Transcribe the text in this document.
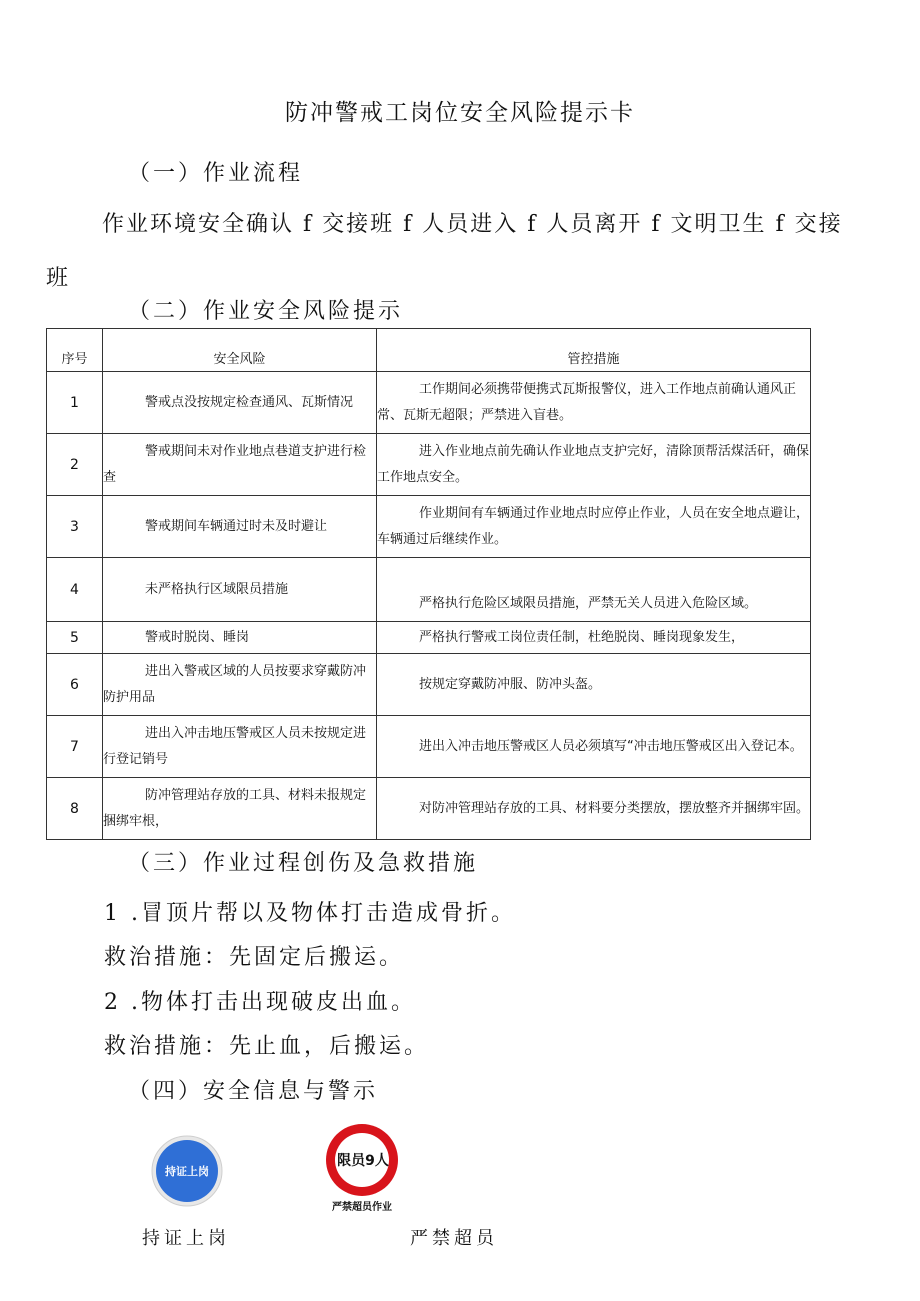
防冲警戒工岗位安全风险提示卡
（一）作业流程
作业环境安全确认 f 交接班 f 人员进入 f 人员离开 f 文明卫生 f 交接班
（二）作业安全风险提示
序号	安全风险	管控措施
1	警戒点没按规定检查通风、瓦斯情况	工作期间必须携带便携式瓦斯报警仪，进入工作地点前确认通风正常、瓦斯无超限；严禁进入盲巷。
2	警戒期间未对作业地点巷道支护进行检查	进入作业地点前先确认作业地点支护完好，清除顶帮活煤活矸，确保工作地点安全。
3	警戒期间车辆通过时未及时避让	作业期间有车辆通过作业地点时应停止作业，人员在安全地点避让，车辆通过后继续作业。
4	未严格执行区域限员措施	严格执行危险区域限员措施，严禁无关人员进入危险区域。
5	警戒时脱岗、睡岗	严格执行警戒工岗位责任制，杜绝脱岗、睡岗现象发生，
6	进出入警戒区域的人员按要求穿戴防冲防护用品	按规定穿戴防冲服、防冲头盔。
7	进出入冲击地压警戒区人员未按规定进行登记销号	进出入冲击地压警戒区人员必须填写“冲击地压警戒区出入登记本。
8	防冲管理站存放的工具、材料未报规定捆绑牢根，	对防冲管理站存放的工具、材料要分类摆放，摆放整齐并捆绑牢固。
（三）作业过程创伤及急救措施
1 .冒顶片帮以及物体打击造成骨折。
救治措施：先固定后搬运。
2 .物体打击出现破皮出血。
救治措施：先止血，后搬运。
（四）安全信息与警示
持证上岗
限员9人
严禁超员作业
持证上岗	严禁超员
